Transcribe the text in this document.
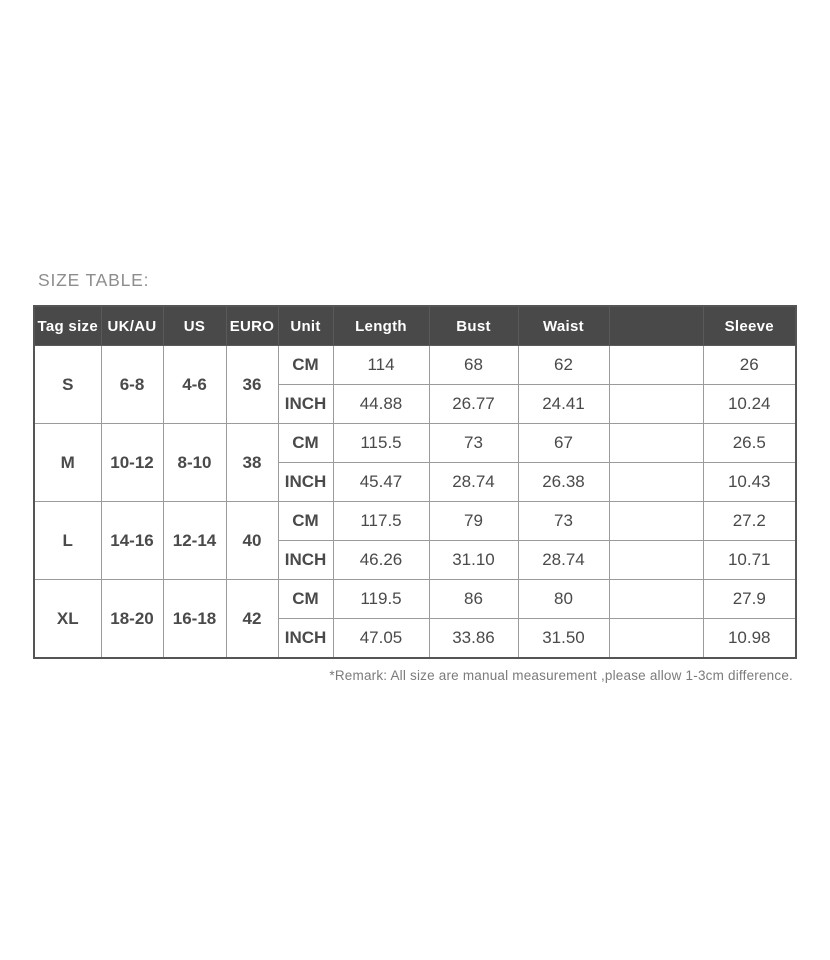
SIZE TABLE:
Tag size	UK/AU	US	EURO	Unit	Length	Bust	Waist		Sleeve
S	6-8	4-6	36	CM	114	68	62		26
				INCH	44.88	26.77	24.41		10.24
M	10-12	8-10	38	CM	115.5	73	67		26.5
				INCH	45.47	28.74	26.38		10.43
L	14-16	12-14	40	CM	117.5	79	73		27.2
				INCH	46.26	31.10	28.74		10.71
XL	18-20	16-18	42	CM	119.5	86	80		27.9
				INCH	47.05	33.86	31.50		10.98
*Remark: All size are manual measurement ,please allow 1-3cm difference.
